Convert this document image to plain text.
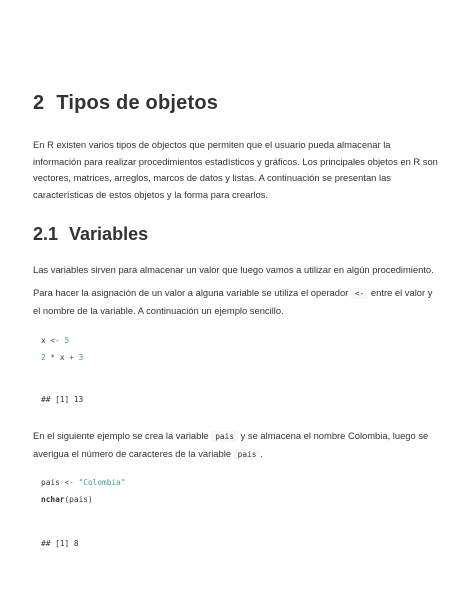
2 Tipos de objetos

En R existen varios tipos de objectos que permiten que el usuario pueda almacenar la
información para realizar procedimientos estadísticos y gráficos. Los principales objetos en R son
vectores, matrices, arreglos, marcos de datos y listas. A continuación se presentan las
características de estos objetos y la forma para crearlos.

2.1 Variables

Las variables sirven para almacenar un valor que luego vamos a utilizar en algún procedimiento.

Para hacer la asignación de un valor a alguna variable se utiliza el operador <- entre el valor y
el nombre de la variable. A continuación un ejemplo sencillo.

x <- 5
2 * x + 3
## [1] 13

En el siguiente ejemplo se crea la variable pais y se almacena el nombre Colombia, luego se
averigua el número de caracteres de la variable pais .

pais <- "Colombia"
nchar(pais)
## [1] 8
